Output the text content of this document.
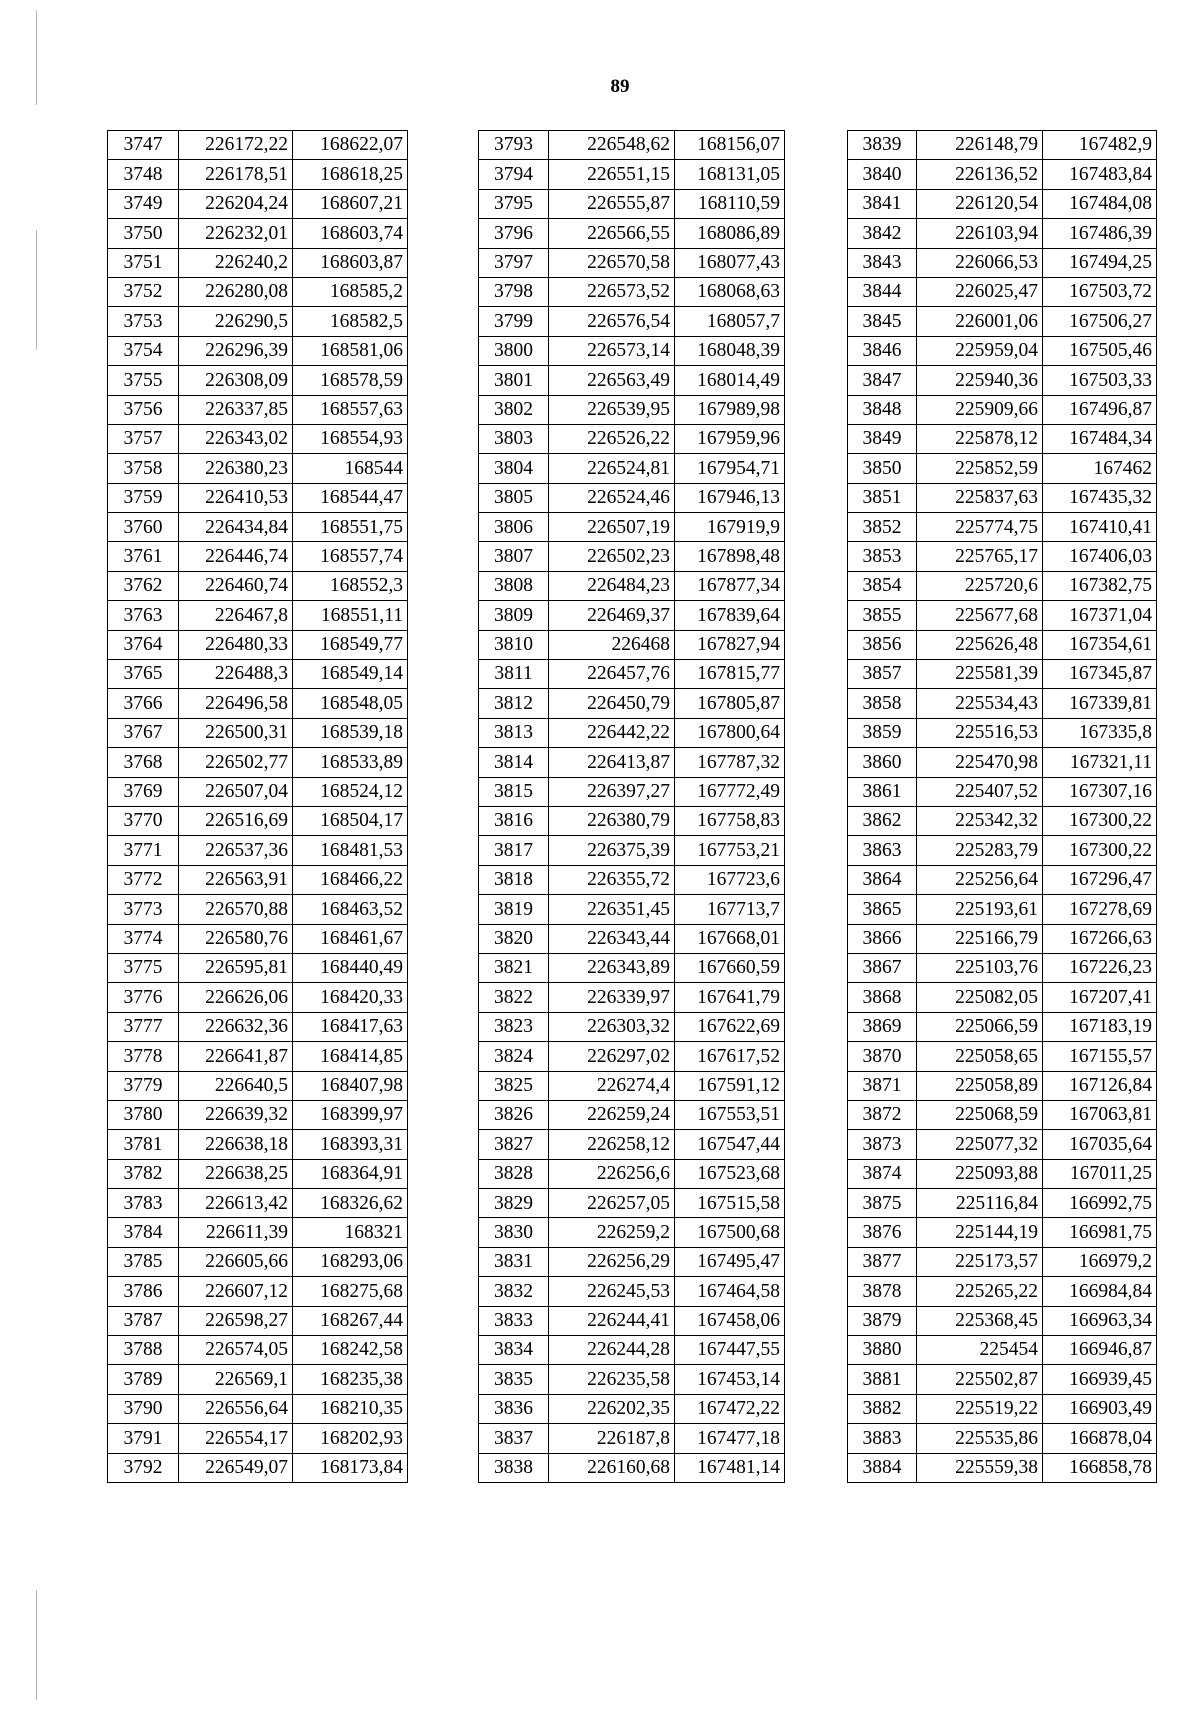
89
3747	226172,22	168622,07
3748	226178,51	168618,25
3749	226204,24	168607,21
3750	226232,01	168603,74
3751	226240,2	168603,87
3752	226280,08	168585,2
3753	226290,5	168582,5
3754	226296,39	168581,06
3755	226308,09	168578,59
3756	226337,85	168557,63
3757	226343,02	168554,93
3758	226380,23	168544
3759	226410,53	168544,47
3760	226434,84	168551,75
3761	226446,74	168557,74
3762	226460,74	168552,3
3763	226467,8	168551,11
3764	226480,33	168549,77
3765	226488,3	168549,14
3766	226496,58	168548,05
3767	226500,31	168539,18
3768	226502,77	168533,89
3769	226507,04	168524,12
3770	226516,69	168504,17
3771	226537,36	168481,53
3772	226563,91	168466,22
3773	226570,88	168463,52
3774	226580,76	168461,67
3775	226595,81	168440,49
3776	226626,06	168420,33
3777	226632,36	168417,63
3778	226641,87	168414,85
3779	226640,5	168407,98
3780	226639,32	168399,97
3781	226638,18	168393,31
3782	226638,25	168364,91
3783	226613,42	168326,62
3784	226611,39	168321
3785	226605,66	168293,06
3786	226607,12	168275,68
3787	226598,27	168267,44
3788	226574,05	168242,58
3789	226569,1	168235,38
3790	226556,64	168210,35
3791	226554,17	168202,93
3792	226549,07	168173,84
3793	226548,62	168156,07
3794	226551,15	168131,05
3795	226555,87	168110,59
3796	226566,55	168086,89
3797	226570,58	168077,43
3798	226573,52	168068,63
3799	226576,54	168057,7
3800	226573,14	168048,39
3801	226563,49	168014,49
3802	226539,95	167989,98
3803	226526,22	167959,96
3804	226524,81	167954,71
3805	226524,46	167946,13
3806	226507,19	167919,9
3807	226502,23	167898,48
3808	226484,23	167877,34
3809	226469,37	167839,64
3810	226468	167827,94
3811	226457,76	167815,77
3812	226450,79	167805,87
3813	226442,22	167800,64
3814	226413,87	167787,32
3815	226397,27	167772,49
3816	226380,79	167758,83
3817	226375,39	167753,21
3818	226355,72	167723,6
3819	226351,45	167713,7
3820	226343,44	167668,01
3821	226343,89	167660,59
3822	226339,97	167641,79
3823	226303,32	167622,69
3824	226297,02	167617,52
3825	226274,4	167591,12
3826	226259,24	167553,51
3827	226258,12	167547,44
3828	226256,6	167523,68
3829	226257,05	167515,58
3830	226259,2	167500,68
3831	226256,29	167495,47
3832	226245,53	167464,58
3833	226244,41	167458,06
3834	226244,28	167447,55
3835	226235,58	167453,14
3836	226202,35	167472,22
3837	226187,8	167477,18
3838	226160,68	167481,14
3839	226148,79	167482,9
3840	226136,52	167483,84
3841	226120,54	167484,08
3842	226103,94	167486,39
3843	226066,53	167494,25
3844	226025,47	167503,72
3845	226001,06	167506,27
3846	225959,04	167505,46
3847	225940,36	167503,33
3848	225909,66	167496,87
3849	225878,12	167484,34
3850	225852,59	167462
3851	225837,63	167435,32
3852	225774,75	167410,41
3853	225765,17	167406,03
3854	225720,6	167382,75
3855	225677,68	167371,04
3856	225626,48	167354,61
3857	225581,39	167345,87
3858	225534,43	167339,81
3859	225516,53	167335,8
3860	225470,98	167321,11
3861	225407,52	167307,16
3862	225342,32	167300,22
3863	225283,79	167300,22
3864	225256,64	167296,47
3865	225193,61	167278,69
3866	225166,79	167266,63
3867	225103,76	167226,23
3868	225082,05	167207,41
3869	225066,59	167183,19
3870	225058,65	167155,57
3871	225058,89	167126,84
3872	225068,59	167063,81
3873	225077,32	167035,64
3874	225093,88	167011,25
3875	225116,84	166992,75
3876	225144,19	166981,75
3877	225173,57	166979,2
3878	225265,22	166984,84
3879	225368,45	166963,34
3880	225454	166946,87
3881	225502,87	166939,45
3882	225519,22	166903,49
3883	225535,86	166878,04
3884	225559,38	166858,78
